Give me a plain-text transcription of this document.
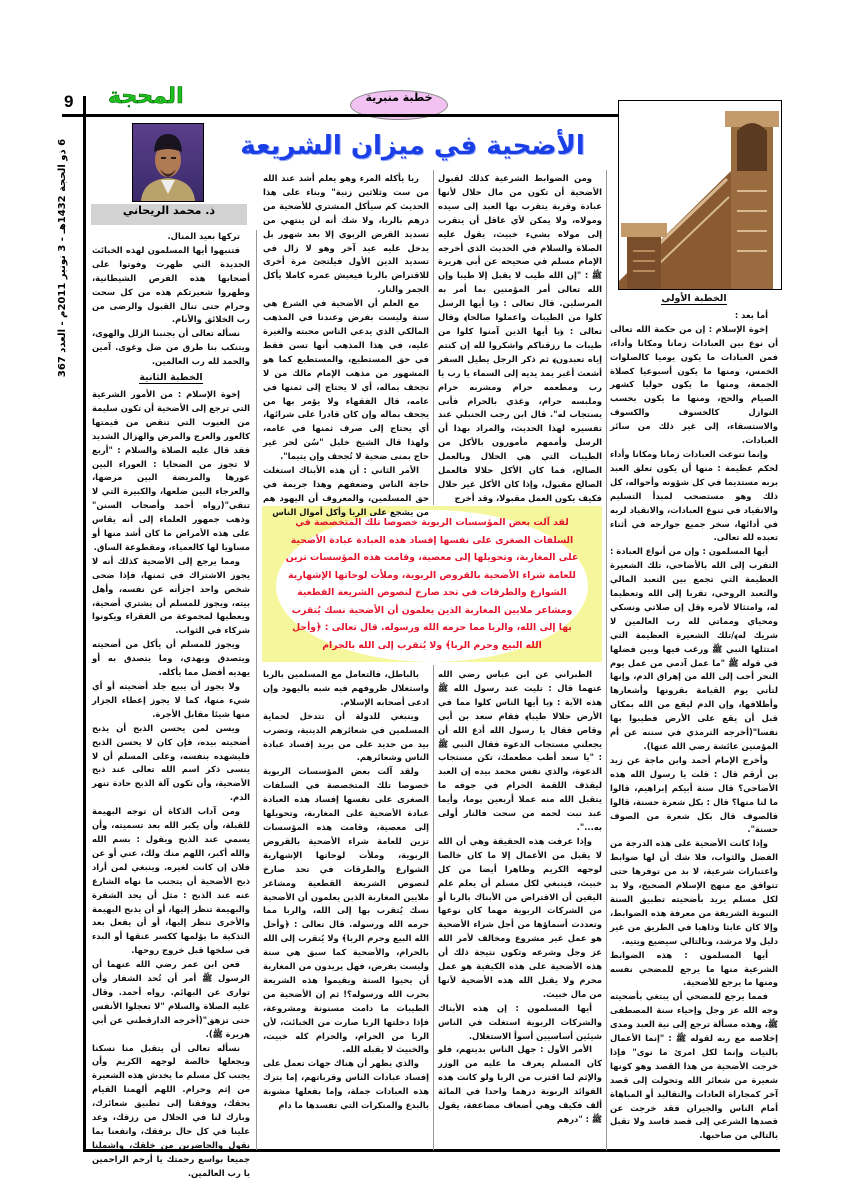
9 المحجة	خطبة منبرية
6 ذو الحجة 1432هـ - 3 نونبر 2011م - العدد 367	الأضحية في ميزان الشريعة
ذ. محمد الريحاني
لقد آلت بعض المؤسسات الربوية خصوصا تلك المتخصصة في السلفات الصغرى على نفسها إفساد هذه العبادة عبادة الأضحية على المغاربة، وتحويلها إلى معصية، وقامت هذه المؤسسات تزين للعامة شراء الأضحية بالقروض الربوية، وملأت لوحاتها الإشهارية الشوارع والطرقات في تحد صارخ لنصوص الشريعة القطعية ومشاعر ملايين المغاربة الذين يعلمون أن الأضحية نسك يُتقرب بها إلى الله، والربا مما حرمه الله ورسوله. قال تعالى : ﴿وأحل الله البيع وحرم الربا﴾ ولا يُتقرب إلى الله بالحرام

الخطبة الأولى

أما بعد :

إخوة الإسلام : إن من حكمة الله تعالى أن نوع بين العبادات زمانا ومكانا وأداء، فمن العبادات ما يكون يوميا كالصلوات الخمس، ومنها ما يكون أسبوعيا كصلاة الجمعة، ومنها ما يكون حوليا كشهر الصيام والحج، ومنها ما يكون بحسب النوازل كالخسوف والكسوف والاستسقاء، إلى غير ذلك من سائر العبادات.

وإنما تنوعت العبادات زمانا ومكانا وأداء لحكم عظيمة : منها أن يكون تعلق العبد بربه مستديما في كل شؤونه وأحواله، كل ذلك وهو مستصحب لمبدأ التسليم والانقياد في تنوع العبادات، والانقياد لربه في أدائها، سخر جميع جوارحه في أثناء تعبده لله تعالى.

أيها المسلمون : وإن من أنواع العبادة : التقرب إلى الله بالأضاحي، تلك الشعيرة العظيمة التي تجمع بين التعبد المالي والتعبد الروحي، تقربا إلى الله وتعظيما له، وامتثالا لأمره ﴿قل إن صلاتي ونسكي ومحياي ومماتي لله رب العالمين لا شريك له﴾/تلك الشعيرة العظيمة التي امتثلها النبي ﷺ ورغب فيها وبين فضلها في قوله ﷺ "ما عمل آدمي من عمل يوم النحر أحب إلى الله من إهراق الدم، وإنها لتأتي يوم القيامة بقرونها وأشعارها وأظلافها، وإن الدم ليقع من الله بمكان قبل أن يقع على الأرض فطيبوا بها نفسا"(أخرجه الترمذي في سننه عن أم المؤمنين عائشة رضي الله عنها).

وأخرج الإمام أحمد وابن ماجة عن زيد بن أرقم قال : قلت يا رسول الله هذه الأضاحي؟ قال سنة أبيكم إبراهيم، قالوا ما لنا منها؟ قال : بكل شعرة حسنة، قالوا فالصوف قال بكل شعرة من الصوف حسنة".

وإذا كانت الأضحية على هذه الدرجة من الفضل والثواب، فلا شك أن لها ضوابط واعتبارات شرعية، لا بد من توفرها حتى تتوافق مع منهج الإسلام الصحيح، ولا بد لكل مسلم يريد بأضحيته تطبيق السنة النبوية الشريفة من معرفة هذه الضوابط، وإلا كان عابثا وذاهبا في الطريق من غير دليل ولا مرشد، وبالتالي سيضيع ويتيه.

أيها المسلمون : هذه الضوابط الشرعية منها ما يرجع للمضحي نفسه ومنها ما يرجع للأضحية.

فمما يرجع للمضحي أن يبتغي بأضحيته وجه الله عز وجل وإحياء سنة المصطفى ﷺ، وهذه مسألة ترجع إلى نية العبد ومدى إخلاصه مع ربه لقوله ﷺ : "إنما الأعمال بالنيات وإنما لكل امرئ ما نوى" فإذا خرجت الأضحية من هذا القصد وهو كونها شعيرة من شعائر الله وتحولت إلى قصد آخر كمجاراة العادات والتقاليد أو المباهاة أمام الناس والجيران فقد خرجت عن قصدها الشرعي إلى قصد فاسد ولا تقبل بالتالي من صاحبها.

ومن الضوابط الشرعية كذلك لقبول الأضحية أن تكون من مال حلال لأنها عبادة وقربة يتقرب بها العبد إلى سيده ومولاه، ولا يمكن لأي عاقل أن يتقرب إلى مولاه بشيء خبيث، يقول عليه الصلاة والسلام في الحديث الذي أخرجه الإمام مسلم في صحيحه عن أبي هريرة ﷺ : "إن الله طيب لا يقبل إلا طيبا وإن الله تعالى أمر المؤمنين بما أمر به المرسلين. قال تعالى : ﴿يا أيها الرسل كلوا من الطيبات واعملوا صالحا﴾ وقال تعالى : ﴿يا أيها الذين آمنوا كلوا من طيبات ما رزقناكم واشكروا لله إن كنتم إياه تعبدون﴾ ثم ذكر الرجل يطيل السفر أشعث أغبر يمد يديه إلى السماء يا رب يا رب ومطعمه حرام ومشربه حرام وملبسه حرام، وغذي بالحرام فأنى يستجاب له". قال ابن رجب الحنبلي عند تفسيره لهذا الحديث، والمراد بهذا أن الرسل وأممهم مأمورون بالأكل من الطيبات التي هي الحلال وبالعمل الصالح، فما كان الأكل حلالا فالعمل الصالح مقبول، وإذا كان الأكل غير حلال فكيف يكون العمل مقبولا، وقد أخرج

ربا يأكله المرء وهو يعلم أشد عند الله من ست وثلاثين زنية" وبناء على هذا الحديث كم سيأكل المشتري للأضحية من درهم بالربا، ولا شك أنه لن ينتهي من تسديد القرض الربوي إلا بعد شهور بل يدخل عليه عيد آخر وهو لا زال في تسديد الدين الأول فيلتجئ مرة أخرى للاقتراض بالربا فيعيش عمره كاملا يأكل الجمر والنار.

مع العلم أن الأضحية في الشرع هي سنة وليست بفرض وعندنا في المذهب المالكي الذي يدعي الناس محبته والغيرة عليه، في هذا المذهب أنها تسن فقط في حق المستطيع، والمستطيع كما هو المشهور من مذهب الإمام مالك من لا تجحف بماله، أي لا يحتاج إلى ثمنها في عامه، قال الفقهاء ولا يؤمر بها من يجحف بماله وإن كان قادرا على شرائها، أي يحتاج إلى صرف ثمنها في عامه، ولهذا قال الشيخ خليل "سُن لحر غير حاج بمنى ضحية لا تُجحف وإن يتيما".

الأمر الثاني : أن هذه الأبناك استغلت حاجة الناس وضعفهم وهذا جريمة في حق المسلمين، والمعروف أن اليهود هم من يشجع على الربا وأكل أموال الناس

الطبراني عن ابن عباس رضي الله عنهما قال : تليت عند رسول الله ﷺ هذه الآية : ﴿يا أيها الناس كلوا مما في الأرض حلالا طيبا﴾ فقام سعد بن أبي وقاص فقال يا رسول الله أدع الله أن يجعلني مستجاب الدعوة فقال النبي ﷺ : "يا سعد أطب مطعمك، تكن مستجاب الدعوة، والذي نفس محمد بيده إن العبد ليقذف اللقمة الحرام في جوفه ما يتقبل الله منه عملا أربعين يوما، وأيما عبد نبت لحمه من سحت فالنار أولى به...".

وإذا عرفت هذه الحقيقة وهي أن الله لا يقبل من الأعمال إلا ما كان خالصا لوجهه الكريم وطاهرا أيضا من كل خبيث، فينبغي لكل مسلم أن يعلم علم اليقين أن الاقتراض من الأبناك بالربا أو من الشركات الربوية مهما كان نوعها وتعددت أسماؤها من أجل شراء الأضحية هو عمل غير مشروع ومخالف لأمر الله عز وجل وشرعه وتكون نتيجة ذلك أن هذه الأضحية على هذه الكيفية هو عمل محرم ولا يقبل الله هذه الأضحية لأنها من مال خبيث.

أيها المسلمون : إن هذه الأبناك والشركات الربوية استغلت في الناس شيئين أساسيين أسوأ الاستغلال.

الأمر الأول : جهل الناس بدينهم، فلو كان المسلم يعرف ما عليه من الوزر والإثم لما اقترب من الربا ولو كانت هذه الفوائد الربوية درهما واحدا في المائة ألف فكيف وهي أضعاف مضاعفة، يقول ﷺ : "درهم

بالباطل، فالتعامل مع المسلمين بالربا واستغلال ظروفهم فيه شبه باليهود وإن ادعى أصحابه الإسلام.

وينبغي للدولة أن تتدخل لحماية المسلمين في شعائرهم الدينية، وتضرب بيد من حديد على من يريد إفساد عبادة الناس وشعائرهم.

ولقد آلت بعض المؤسسات الربوية خصوصا تلك المتخصصة في السلفات الصغرى على نفسها إفساد هذه العبادة عبادة الأضحية على المغاربة، وتحويلها إلى معصية، وقامت هذه المؤسسات تزين للعامة شراء الأضحية بالقروض الربوية، وملأت لوحاتها الإشهارية الشوارع والطرقات في تحد صارخ لنصوص الشريعة القطعية ومشاعر ملايين المغاربة الذين يعلمون أن الأضحية نسك يُتقرب بها إلى الله، والربا مما حرمه الله ورسوله. قال تعالى : ﴿وأحل الله البيع وحرم الربا﴾ ولا يُتقرب إلى الله بالحرام، والأضحية كما سبق هي سنة وليست بفرض، فهل يريدون من المغاربة أن يحيوا السنة ويقيموا هذه الشريعة بحرب الله ورسوله؟! ثم إن الأضحية من الطيبات ما دامت مسنونة ومشروعة، فإذا دخلتها الربا صارت من الخبائث، لأن الربا من الحرام، والحرام كله خبيث، والخبيث لا يقبله الله.

والذي يظهر أن هناك جهات تعمل على إفساد عبادات الناس وقرباتهم، إما بترك هذه العبادات جملة، وإما بفعلها مشوبة بالبدع والمنكرات التي تفسدها ما دام

تركها بعيد المنال.

فتنبهوا أيها المسلمون لهذه الخبائث الجديدة التي ظهرت وفوتوا على أصحابها هذه الفرص الشيطانية، وطهروا شعيرتكم هذه من كل سحت وحرام حتى تنال القبول والرضى من رب الخلائق والأنام.

نسأله تعالى أن يجنبنا الزلل والهوى، ويتنكب بنا طرق من ضل وغوى. آمين والحمد لله رب العالمين.

الخطبة الثانية

إخوة الإسلام : من الأمور الشرعية التي ترجع إلى الأضحية أن تكون سليمة من العيوب التي تنقص من قيمتها كالعور والعرج والمرض والهزال الشديد فقد قال عليه الصلاة والسلام : "أربع لا تجوز من الضحايا : العوراء البين عورها والمريضة البين مرضها، والعرجاء البين ضلعها، والكبيرة التي لا تنقي"(رواه أحمد وأصحاب السنن" وذهب جمهور العلماء إلى أنه يقاس على هذه الأمراض ما كان أشد منها أو مساويا لها كالعمياء، ومقطوعة الساق.

ومما يرجع إلى الأضحية كذلك أنه لا يجوز الاشتراك في ثمنها، فإذا ضحى شخص واحد اجزأته عن نفسه، وأهل بيته، ويجوز للمسلم أن يشتري أضحية، ويعطيها لمجموعة من الفقراء ويكونوا شركاء في الثواب.

ويجوز للمسلم أن يأكل من أضحيته ويتصدق ويهدي، وما يتصدق به أو يهديه أفضل مما يأكله.

ولا يجوز أن يبيع جلد أضحيته أو أي شيء منها، كما لا يجوز إعطاء الجزار منها شيئا مقابل الأجرة.

ويسن لمن يحسن الذبح أن يذبح أضحيته بيده، فإن كان لا يحسن الذبح فليشهده بنفسه، وعلى المسلم أن لا ينسى ذكر اسم الله تعالى عند ذبح الأضحية، وأن تكون آلة الذبح حادة تنهر الدم.

ومن آداب الذكاة أن توجه البهيمة للقبلة، وأن يكبر الله بعد تسميته، وأن يسمي عند الذبح ويقول : بسم الله والله أكبر، اللهم منك ولك، عني أو عن فلان إن كانت لغيره. وينبغي لمن أراد ذبح الأضحية أن يتجنب ما نهاه الشارع عنه عند الذبح : مثل أن يحد الشفرة والبهيمة تنظر إليها، أو أن يذبح البهيمة والأخرى تنظر إليها، أو أن يفعل بعد التذكية ما يؤلمها ككسر عنقها أو البدء في سلخها قبل خروج روحها.

فعن ابن عمر رضي الله عنهما أن الرسول ﷺ أمر أن تُحد الشفار وأن توارى عن البهائم. رواه أحمد. وقال عليه الصلاة والسلام "لا تعجلوا الأنفس حتى تزهق"(أخرجه الدارقطني عن أبي هريرة ﷺ).

نسأله تعالى أن يتقبل منا نسكنا ويجعلها خالصة لوجهه الكريم وأن يجنب كل مسلم ما يخدش هذه الشعيرة من إثم وحرام. اللهم ألهمنا القيام بحقك، ووفقنا إلى تطبيق شعائرك، وبارك لنا في الحلال من رزقك، وعد علينا في كل حال برفقك، وانفعنا بما نقول والحاضرين من خلقك، واشملنا جميعا بواسع رحمتك يا أرحم الراحمين يا رب العالمين.
